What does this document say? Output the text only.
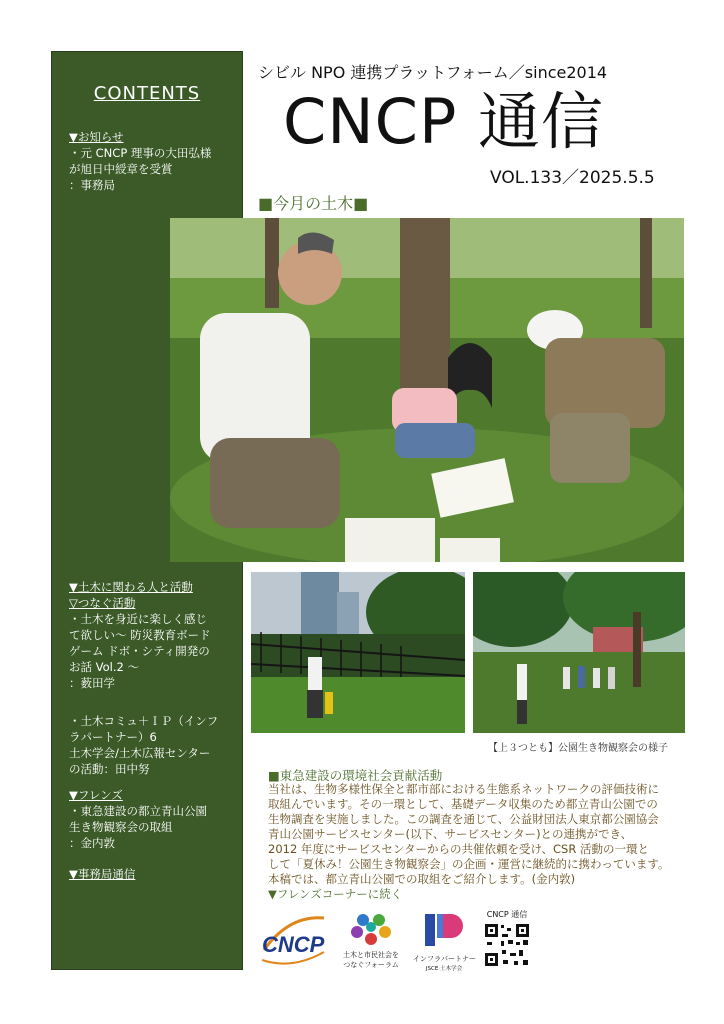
CONTENTS
▼お知らせ
・元 CNCP 理事の大田弘様
が旭日中綬章を受賞
：事務局
▼土木に関わる人と活動
▽つなぐ活動
・土木を身近に楽しく感じ
て欲しい～ 防災教育ボード
ゲーム ドボ・シティ開発の
お話 Vol.2 ～
：薮田学
・土木コミュ＋ＩＰ（インフ
ラパートナー）6
土木学会/土木広報センター
の活動：田中努
▼フレンズ
・東急建設の都立青山公園
生き物観察会の取組
：金内敦
▼事務局通信
シビル NPO 連携プラットフォーム／since2014
CNCP 通信
VOL.133／2025.5.5
■今月の土木■
【上３つとも】公園生き物観察会の様子
■東急建設の環境社会貢献活動
当社は、生物多様性保全と都市部における生態系ネットワークの評価技術に
取組んでいます。その一環として、基礎データ収集のため都立青山公園での
生物調査を実施しました。この調査を通じて、公益財団法人東京都公園協会
青山公園サービスセンター(以下、サービスセンター)との連携ができ、
2012 年度にサービスセンターからの共催依頼を受け、CSR 活動の一環と
して「夏休み！公園生き物観察会」の企画・運営に継続的に携わっています。
本稿では、都立青山公園での取組をご紹介します。(金内敦)
▼フレンズコーナーに続く
CNCP	土木と市民社会を
つなぐフォーラム
インフラパートナー
JSCE 土木学会
CNCP 通信
